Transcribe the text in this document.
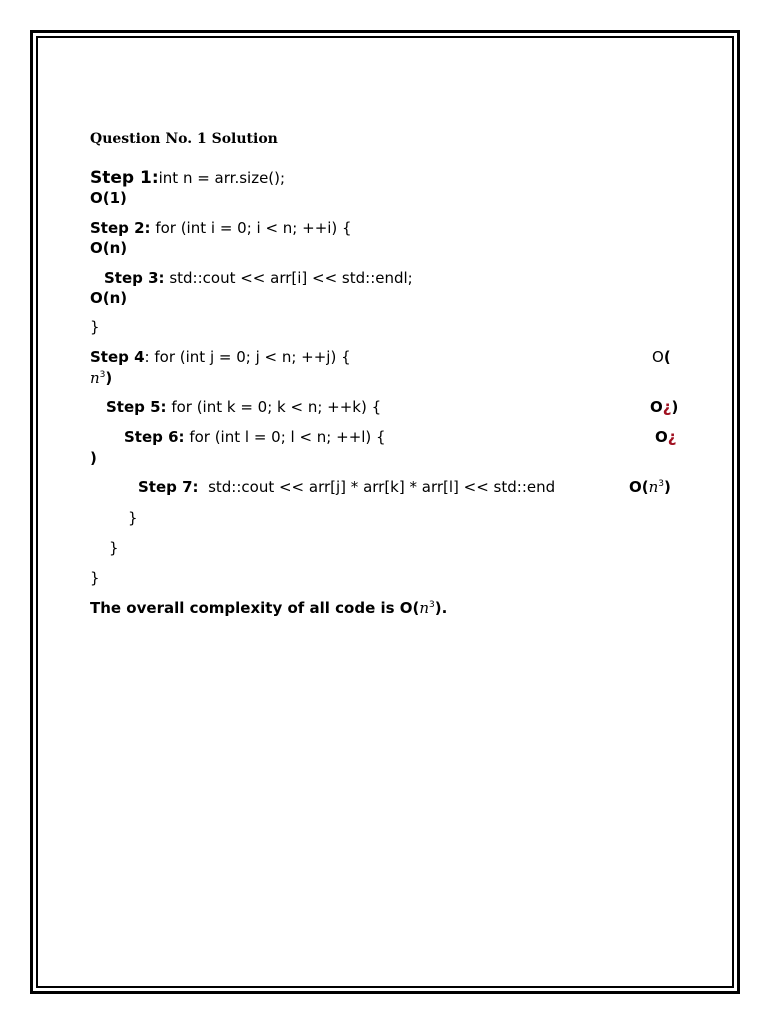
Question No. 1 Solution
Step 1:int n = arr.size();
O(1)
Step 2: for (int i = 0; i < n; ++i) {
O(n)
Step 3: std::cout << arr[i] << std::endl;
O(n)
}
Step 4: for (int j = 0; j < n; ++j) {	O(
$n^3$)
Step 5: for (int k = 0; k < n; ++k) {	O¿)
Step 6: for (int l = 0; l < n; ++l) {	O¿
)
Step 7:  std::cout << arr[j] * arr[k] * arr[l] << std::end	$O(n^3)$
}
}
}
The overall complexity of all code is $O(n^3)$.
